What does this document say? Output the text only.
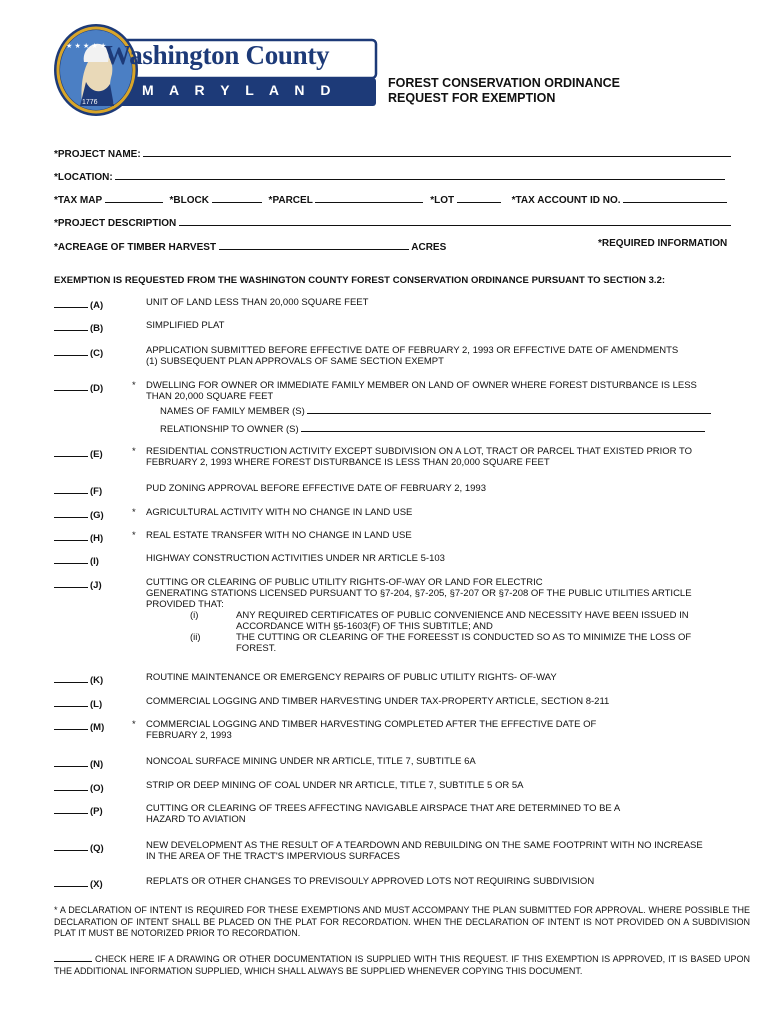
★ ★ ★ ★ ★
Washington County
M A R Y L A N D
1776
FOREST CONSERVATION ORDINANCE
REQUEST FOR EXEMPTION
*PROJECT NAME:
*LOCATION:
*TAX MAP	*BLOCK	*PARCEL	*LOT	*TAX ACCOUNT ID NO.
*PROJECT DESCRIPTION
*ACREAGE OF TIMBER HARVEST	ACRES	*REQUIRED INFORMATION
EXEMPTION IS REQUESTED FROM THE WASHINGTON COUNTY FOREST CONSERVATION ORDINANCE PURSUANT TO SECTION 3.2:
(A)	UNIT OF LAND LESS THAN 20,000 SQUARE FEET
(B)	SIMPLIFIED PLAT
(C)	APPLICATION SUBMITTED BEFORE EFFECTIVE DATE OF FEBRUARY 2, 1993 OR EFFECTIVE DATE OF AMENDMENTS
(1) SUBSEQUENT PLAN APPROVALS OF SAME SECTION EXEMPT
(D)	* DWELLING FOR OWNER OR IMMEDIATE FAMILY MEMBER ON LAND OF OWNER WHERE FOREST DISTURBANCE IS LESS
THAN 20,000 SQUARE FEET
NAMES OF FAMILY MEMBER (S)
RELATIONSHIP TO OWNER (S)
(E)	* RESIDENTIAL CONSTRUCTION ACTIVITY EXCEPT SUBDIVISION ON A LOT, TRACT OR PARCEL THAT EXISTED PRIOR TO
FEBRUARY 2, 1993 WHERE FOREST DISTURBANCE IS LESS THAN 20,000 SQUARE FEET
(F)	PUD ZONING APPROVAL BEFORE EFFECTIVE DATE OF FEBRUARY 2, 1993
(G)	* AGRICULTURAL ACTIVITY WITH NO CHANGE IN LAND USE
(H)	* REAL ESTATE TRANSFER WITH NO CHANGE IN LAND USE
(I)	HIGHWAY CONSTRUCTION ACTIVITIES UNDER NR ARTICLE 5-103
(J)	CUTTING OR CLEARING OF PUBLIC UTILITY RIGHTS-OF-WAY OR LAND FOR ELECTRIC
GENERATING STATIONS LICENSED PURSUANT TO §7-204, §7-205, §7-207 OR §7-208 OF THE PUBLIC UTILITIES ARTICLE
PROVIDED THAT:
(i)	ANY REQUIRED CERTIFICATES OF PUBLIC CONVENIENCE AND NECESSITY HAVE BEEN ISSUED IN
ACCORDANCE WITH §5-1603(F) OF THIS SUBTITLE; AND
(ii)	THE CUTTING OR CLEARING OF THE FOREESST IS CONDUCTED SO AS TO MINIMIZE THE LOSS OF
FOREST.
(K)	ROUTINE MAINTENANCE OR EMERGENCY REPAIRS OF PUBLIC UTILITY RIGHTS- OF-WAY
(L)	COMMERCIAL LOGGING AND TIMBER HARVESTING UNDER TAX-PROPERTY ARTICLE, SECTION 8-211
(M)	* COMMERCIAL LOGGING AND TIMBER HARVESTING COMPLETED AFTER THE EFFECTIVE DATE OF
FEBRUARY 2, 1993
(N)	NONCOAL SURFACE MINING UNDER NR ARTICLE, TITLE 7, SUBTITLE 6A
(O)	STRIP OR DEEP MINING OF COAL UNDER NR ARTICLE, TITLE 7, SUBTITLE 5 OR 5A
(P)	CUTTING OR CLEARING OF TREES AFFECTING NAVIGABLE AIRSPACE THAT ARE DETERMINED TO BE A
HAZARD TO AVIATION
(Q)	NEW DEVELOPMENT AS THE RESULT OF A TEARDOWN AND REBUILDING ON THE SAME FOOTPRINT WITH NO INCREASE
IN THE AREA OF THE TRACT'S IMPERVIOUS SURFACES
(X)	REPLATS OR OTHER CHANGES TO PREVISOULY APPROVED LOTS NOT REQUIRING SUBDIVISION
* A DECLARATION OF INTENT IS REQUIRED FOR THESE EXEMPTIONS AND MUST ACCOMPANY THE PLAN SUBMITTED FOR APPROVAL. WHERE POSSIBLE THE DECLARATION OF INTENT SHALL BE PLACED ON THE PLAT FOR RECORDATION. WHEN THE DECLARATION OF INTENT IS NOT PROVIDED ON A SUBDIVISION PLAT IT MUST BE NOTORIZED PRIOR TO RECORDATION.
CHECK HERE IF A DRAWING OR OTHER DOCUMENTATION IS SUPPLIED WITH THIS REQUEST. IF THIS EXEMPTION IS APPROVED, IT IS BASED UPON THE ADDITIONAL INFORMATION SUPPLIED, WHICH SHALL ALWAYS BE SUPPLIED WHENEVER COPYING THIS DOCUMENT.
